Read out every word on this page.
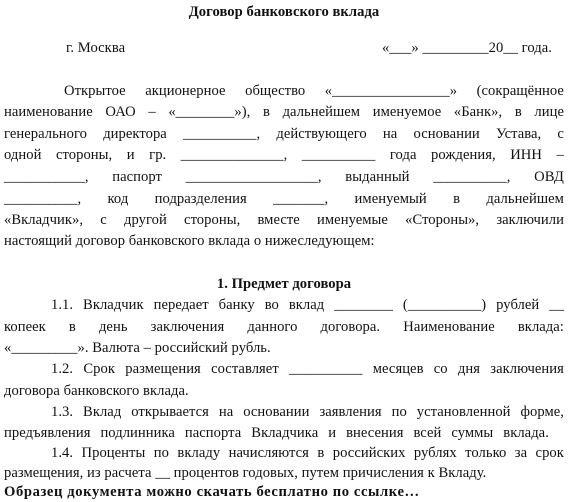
Договор банковского вклада
г. Москва	«___» _________20__ года.
Открытое акционерное общество «________________» (сокращённое
наименование ОАО – «________»), в дальнейшем именуемое «Банк», в лице
генерального директора __________, действующего на основании Устава, с
одной стороны, и гр. ______________, __________ года рождения, ИНН –
___________, паспорт __________________, выданный __________, ОВД
__________, код подразделения _______, именуемый в дальнейшем
«Вкладчик», с другой стороны, вместе именуемые «Стороны», заключили
настоящий договор банковского вклада о нижеследующем:
1. Предмет договора
1.1. Вкладчик передает банку во вклад ________ (__________) рублей __
копеек в день заключения данного договора. Наименование вклада:
«_________». Валюта – российский рубль.
1.2. Срок размещения составляет __________ месяцев со дня заключения
договора банковского вклада.
1.3. Вклад открывается на основании заявления по установленной форме,
предъявления подлинника паспорта Вкладчика и внесения всей суммы вклада.
1.4. Проценты по вкладу начисляются в российских рублях только за срок
размещения, из расчета __ процентов годовых, путем причисления к Вкладу.
Образец документа можно скачать бесплатно по ссылке…
